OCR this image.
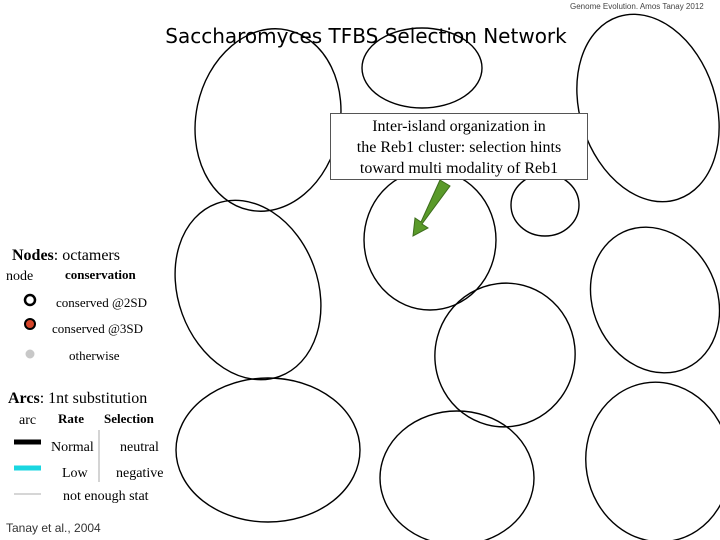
Genome Evolution. Amos Tanay 2012
Saccharomyces TFBS Selection Network
Inter-island organization in
the Reb1 cluster: selection hints
toward multi modality of Reb1
Nodes: octamers
node conservation
conserved @2SD
conserved @3SD
otherwise
Arcs: 1nt substitution
arc Rate Selection
Normal neutral
Low negative
not enough stat
Tanay et al., 2004
